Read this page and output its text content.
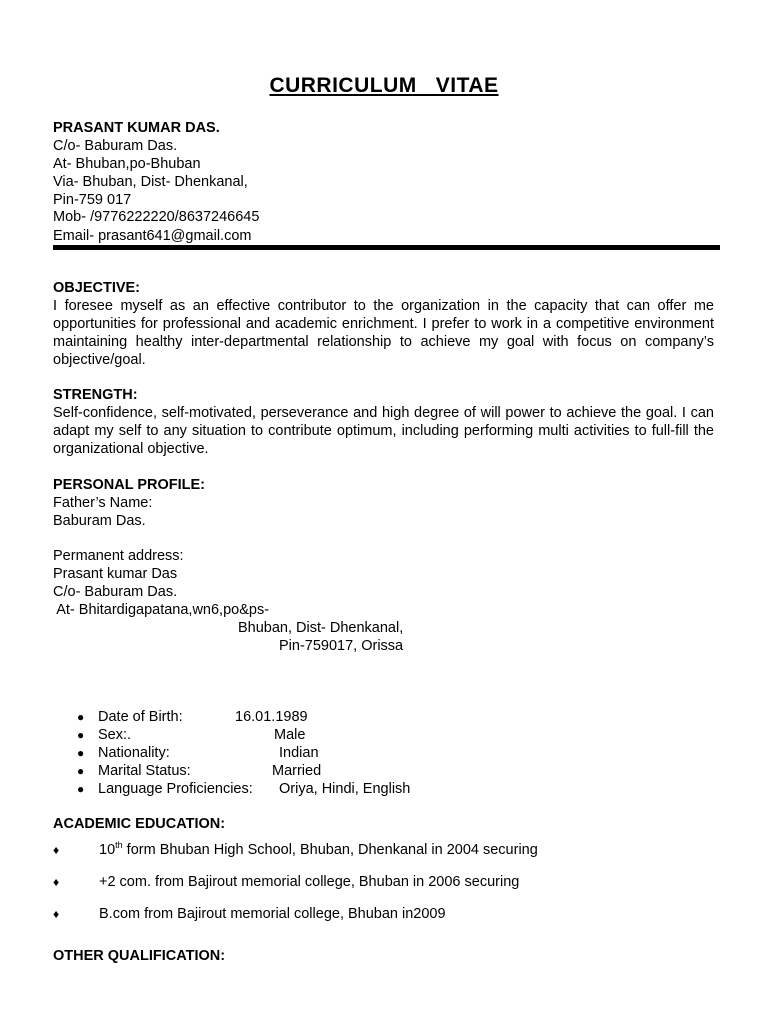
CURRICULUM   VITAE
PRASANT KUMAR DAS.
C/o- Baburam Das.
At- Bhuban,po-Bhuban
Via- Bhuban, Dist- Dhenkanal,
Pin-759 017
Mob- /9776222220/8637246645
Email- prasant641@gmail.com
OBJECTIVE:
I foresee myself as an effective contributor to the organization in the capacity that can offer me opportunities for professional and academic enrichment. I prefer to work in a competitive environment maintaining healthy inter-departmental relationship to achieve my goal with focus on company’s objective/goal.
STRENGTH:
Self-confidence, self-motivated, perseverance and high degree of will power to achieve the goal. I can adapt my self to any situation to contribute optimum, including performing multi activities to full-fill the organizational objective.
PERSONAL PROFILE:
Father’s Name:
Baburam Das.
Permanent address:
Prasant kumar Das
C/o- Baburam Das.
At- Bhitardigapatana,wn6,po&ps-
Bhuban, Dist- Dhenkanal,
Pin-759017, Orissa

●

Date of Birth:

	16.01.1989

●

Sex:.

	Male

●

Nationality:

	Indian

●

Marital Status:

	Married

●

Language Proficiencies:

Oriya, Hindi, English

ACADEMIC EDUCATION:

♦

	10th form Bhuban High School, Bhuban, Dhenkanal in 2004 securing

♦

	+2 com. from Bajirout memorial college, Bhuban in 2006 securing

♦

	B.com from Bajirout memorial college, Bhuban in2009

OTHER QUALIFICATION:
